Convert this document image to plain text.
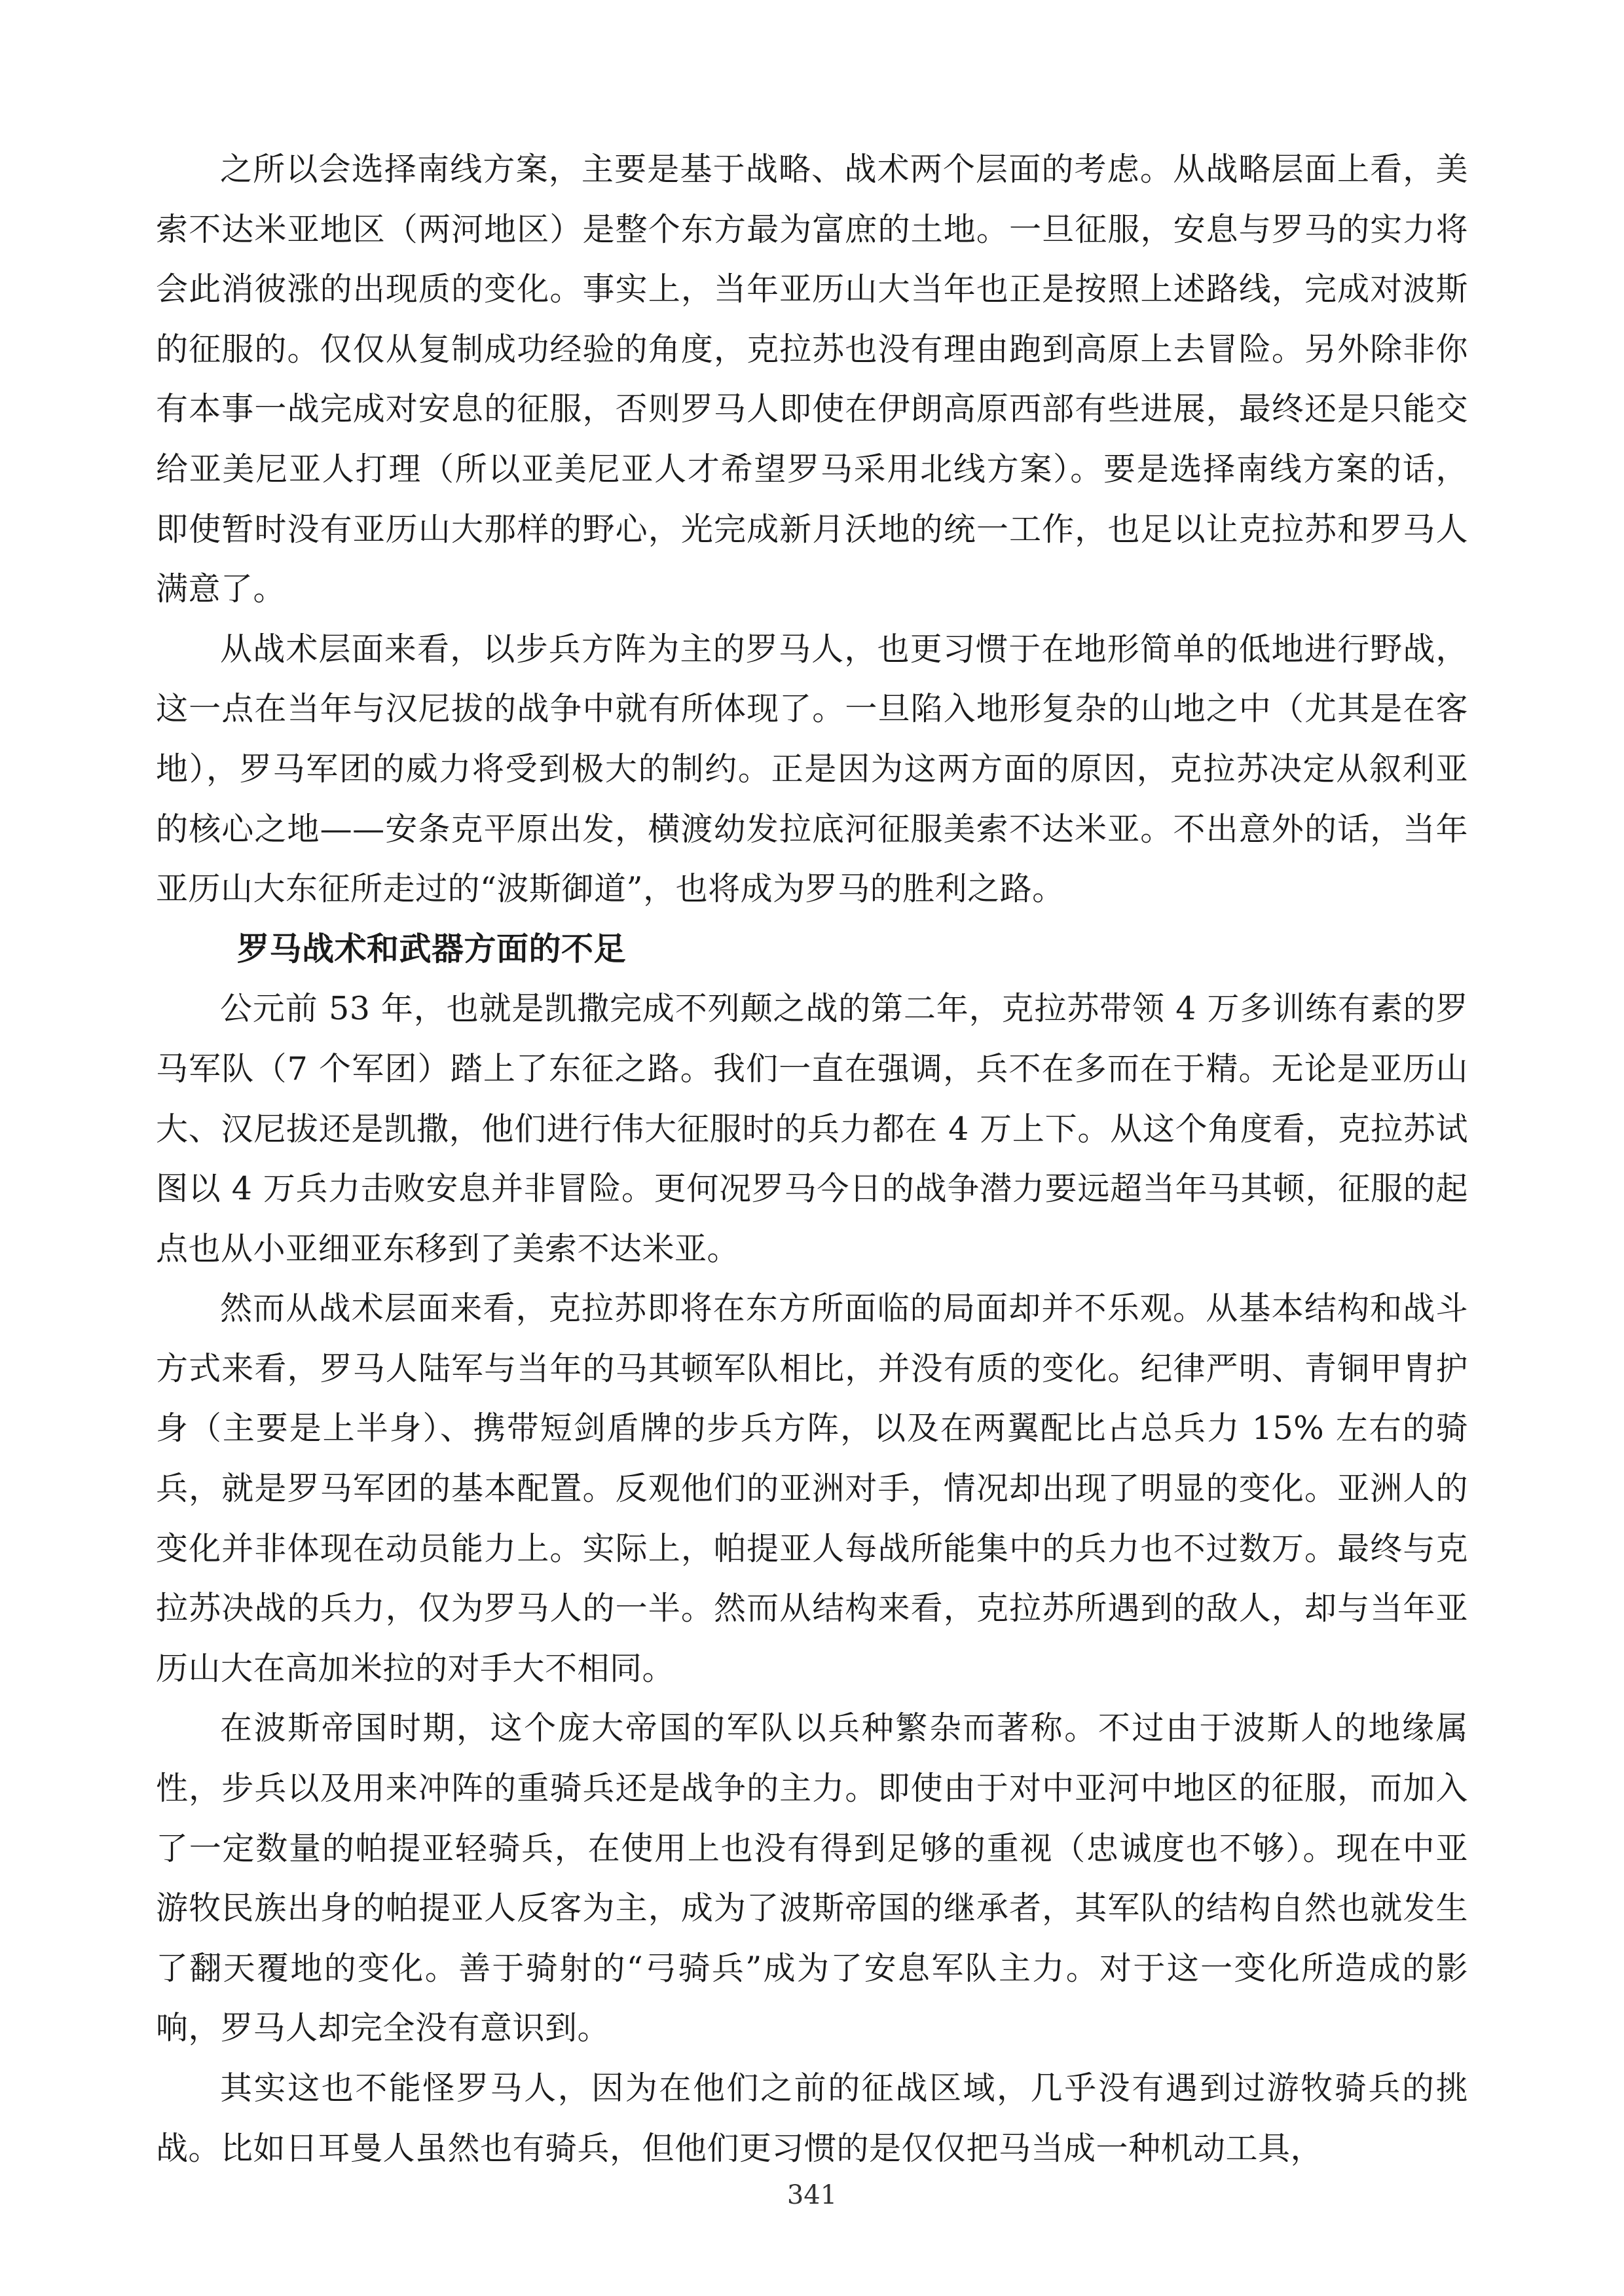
之所以会选择南线方案，主要是基于战略、战术两个层面的考虑。从战略层面上看，美索不达米亚地区（两河地区）是整个东方最为富庶的土地。一旦征服，安息与罗马的实力将会此消彼涨的出现质的变化。事实上，当年亚历山大当年也正是按照上述路线，完成对波斯的征服的。仅仅从复制成功经验的角度，克拉苏也没有理由跑到高原上去冒险。另外除非你有本事一战完成对安息的征服，否则罗马人即使在伊朗高原西部有些进展，最终还是只能交给亚美尼亚人打理（所以亚美尼亚人才希望罗马采用北线方案）。要是选择南线方案的话，即使暂时没有亚历山大那样的野心，光完成新月沃地的统一工作，也足以让克拉苏和罗马人满意了。

从战术层面来看，以步兵方阵为主的罗马人，也更习惯于在地形简单的低地进行野战，这一点在当年与汉尼拔的战争中就有所体现了。一旦陷入地形复杂的山地之中（尤其是在客地），罗马军团的威力将受到极大的制约。正是因为这两方面的原因，克拉苏决定从叙利亚的核心之地——安条克平原出发，横渡幼发拉底河征服美索不达米亚。不出意外的话，当年亚历山大东征所走过的“波斯御道”，也将成为罗马的胜利之路。

罗马战术和武器方面的不足

公元前 53 年，也就是凯撒完成不列颠之战的第二年，克拉苏带领 4 万多训练有素的罗马军队（7 个军团）踏上了东征之路。我们一直在强调，兵不在多而在于精。无论是亚历山大、汉尼拔还是凯撒，他们进行伟大征服时的兵力都在 4 万上下。从这个角度看，克拉苏试图以 4 万兵力击败安息并非冒险。更何况罗马今日的战争潜力要远超当年马其顿，征服的起点也从小亚细亚东移到了美索不达米亚。

然而从战术层面来看，克拉苏即将在东方所面临的局面却并不乐观。从基本结构和战斗方式来看，罗马人陆军与当年的马其顿军队相比，并没有质的变化。纪律严明、青铜甲胄护身（主要是上半身）、携带短剑盾牌的步兵方阵，以及在两翼配比占总兵力 15% 左右的骑兵，就是罗马军团的基本配置。反观他们的亚洲对手，情况却出现了明显的变化。亚洲人的变化并非体现在动员能力上。实际上，帕提亚人每战所能集中的兵力也不过数万。最终与克拉苏决战的兵力，仅为罗马人的一半。然而从结构来看，克拉苏所遇到的敌人，却与当年亚历山大在高加米拉的对手大不相同。

在波斯帝国时期，这个庞大帝国的军队以兵种繁杂而著称。不过由于波斯人的地缘属性，步兵以及用来冲阵的重骑兵还是战争的主力。即使由于对中亚河中地区的征服，而加入了一定数量的帕提亚轻骑兵，在使用上也没有得到足够的重视（忠诚度也不够）。现在中亚游牧民族出身的帕提亚人反客为主，成为了波斯帝国的继承者，其军队的结构自然也就发生了翻天覆地的变化。善于骑射的“弓骑兵”成为了安息军队主力。对于这一变化所造成的影响，罗马人却完全没有意识到。

其实这也不能怪罗马人，因为在他们之前的征战区域，几乎没有遇到过游牧骑兵的挑战。比如日耳曼人虽然也有骑兵，但他们更习惯的是仅仅把马当成一种机动工具，

341
